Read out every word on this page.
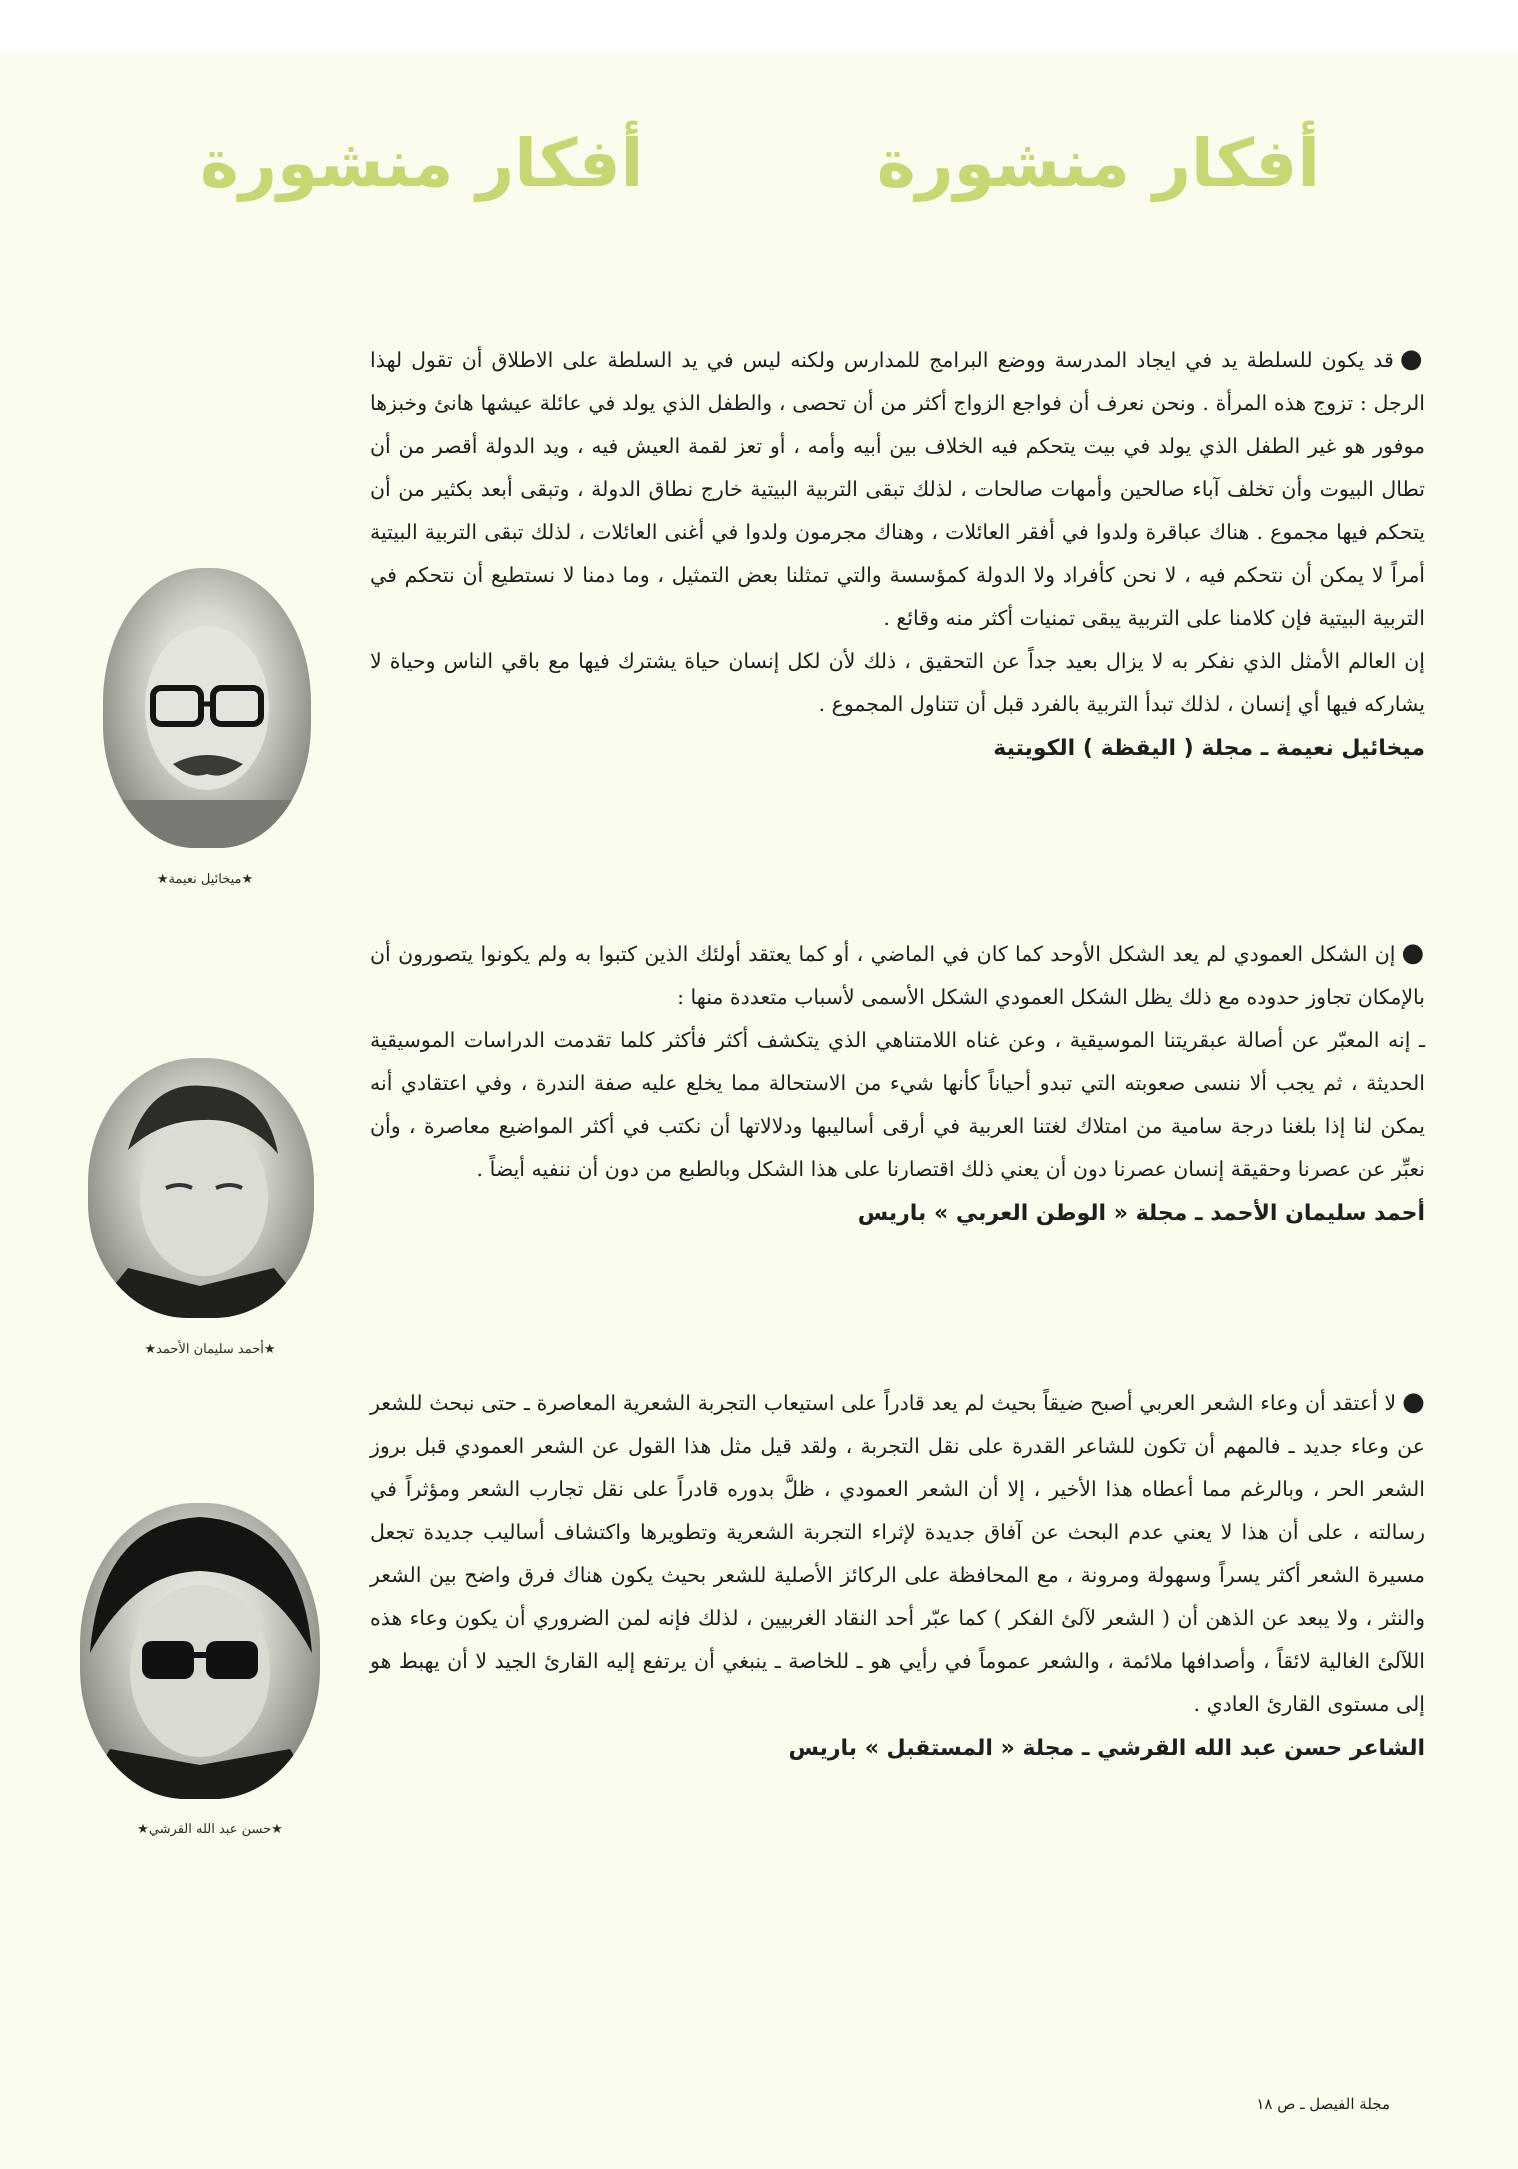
أفكار منشورة
أفكار منشورة

●قد يكون للسلطة يد في ايجاد المدرسة ووضع البرامج للمدارس ولكنه ليس في يد السلطة على الاطلاق أن تقول لهذا الرجل : تزوج هذه المرأة . ونحن نعرف أن فواجع الزواج أكثر من أن تحصى ، والطفل الذي يولد في عائلة عيشها هانئ وخبزها موفور هو غير الطفل الذي يولد في بيت يتحكم فيه الخلاف بين أبيه وأمه ، أو تعز لقمة العيش فيه ، ويد الدولة أقصر من أن تطال البيوت وأن تخلف آباء صالحين وأمهات صالحات ، لذلك تبقى التربية البيتية خارج نطاق الدولة ، وتبقى أبعد بكثير من أن يتحكم فيها مجموع . هناك عباقرة ولدوا في أفقر العائلات ، وهناك مجرمون ولدوا في أغنى العائلات ، لذلك تبقى التربية البيتية أمراً لا يمكن أن نتحكم فيه ، لا نحن كأفراد ولا الدولة كمؤسسة والتي تمثلنا بعض التمثيل ، وما دمنا لا نستطيع أن نتحكم في التربية البيتية فإن كلامنا على التربية يبقى تمنيات أكثر منه وقائع .

إن العالم الأمثل الذي نفكر به لا يزال بعيد جداً عن التحقيق ، ذلك لأن لكل إنسان حياة يشترك فيها مع باقي الناس وحياة لا يشاركه فيها أي إنسان ، لذلك تبدأ التربية بالفرد قبل أن تتناول المجموع .

ميخائيل نعيمة ـ مجلة ( اليقظة ) الكويتية
★ميخائيل نعيمة★

●إن الشكل العمودي لم يعد الشكل الأوحد كما كان في الماضي ، أو كما يعتقد أولئك الذين كتبوا به ولم يكونوا يتصورون أن بالإمكان تجاوز حدوده مع ذلك يظل الشكل العمودي الشكل الأسمى لأسباب متعددة منها :

ـ إنه المعبّر عن أصالة عبقريتنا الموسيقية ، وعن غناه اللامتناهي الذي يتكشف أكثر فأكثر كلما تقدمت الدراسات الموسيقية الحديثة ، ثم يجب ألا ننسى صعوبته التي تبدو أحياناً كأنها شيء من الاستحالة مما يخلع عليه صفة الندرة ، وفي اعتقادي أنه يمكن لنا إذا بلغنا درجة سامية من امتلاك لغتنا العربية في أرقى أساليبها ودلالاتها أن نكتب في أكثر المواضيع معاصرة ، وأن نعبِّر عن عصرنا وحقيقة إنسان عصرنا دون أن يعني ذلك اقتصارنا على هذا الشكل وبالطبع من دون أن ننفيه أيضاً .

أحمد سليمان الأحمد ـ مجلة « الوطن العربي » باريس
★أحمد سليمان الأحمد★

●لا أعتقد أن وعاء الشعر العربي أصبح ضيقاً بحيث لم يعد قادراً على استيعاب التجربة الشعرية المعاصرة ـ حتى نبحث للشعر عن وعاء جديد ـ فالمهم أن تكون للشاعر القدرة على نقل التجربة ، ولقد قيل مثل هذا القول عن الشعر العمودي قبل بروز الشعر الحر ، وبالرغم مما أعطاه هذا الأخير ، إلا أن الشعر العمودي ، ظلَّ بدوره قادراً على نقل تجارب الشعر ومؤثراً في رسالته ، على أن هذا لا يعني عدم البحث عن آفاق جديدة لإثراء التجربة الشعرية وتطويرها واكتشاف أساليب جديدة تجعل مسيرة الشعر أكثر يسراً وسهولة ومرونة ، مع المحافظة على الركائز الأصلية للشعر بحيث يكون هناك فرق واضح بين الشعر والنثر ، ولا يبعد عن الذهن أن ( الشعر لآلئ الفكر ) كما عبّر أحد النقاد الغربيين ، لذلك فإنه لمن الضروري أن يكون وعاء هذه اللآلئ الغالية لائقاً ، وأصدافها ملائمة ، والشعر عموماً في رأيي هو ـ للخاصة ـ ينبغي أن يرتفع إليه القارئ الجيد لا أن يهبط هو إلى مستوى القارئ العادي .

الشاعر حسن عبد الله القرشي ـ مجلة « المستقبل » باريس
★حسن عبد الله القرشي★
مجلة الفيصل ـ ص ١٨
